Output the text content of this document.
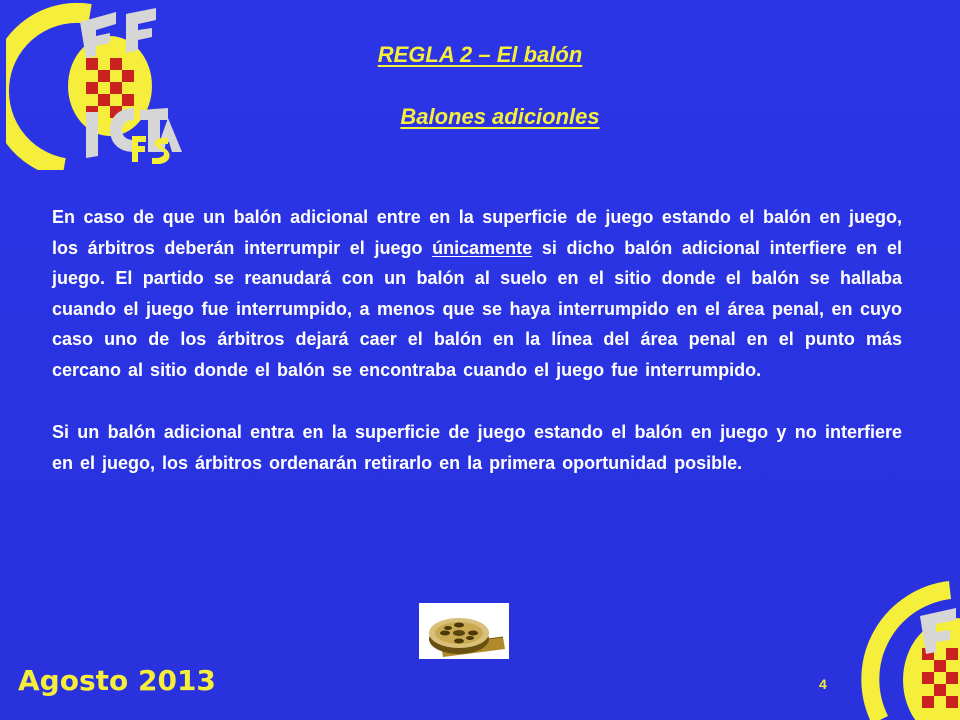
REGLA 2 – El balón
Balones adicionles

En caso de que un balón adicional entre en la superficie de juego estando el balón en juego, los árbitros deberán interrumpir el juego únicamente si dicho balón adicional interfiere en el juego. El partido se reanudará con un balón al suelo en el sitio donde el balón se hallaba cuando el juego fue interrumpido, a menos que se haya interrumpido en el área penal, en cuyo caso uno de los árbitros dejará caer el balón en la línea del área penal en el punto más cercano al sitio donde el balón se encontraba cuando el juego fue interrumpido.

Si un balón adicional entra en la superficie de juego estando el balón en juego y no interfiere en el juego, los árbitros ordenarán retirarlo en la primera oportunidad posible.

Agosto 2013	4
